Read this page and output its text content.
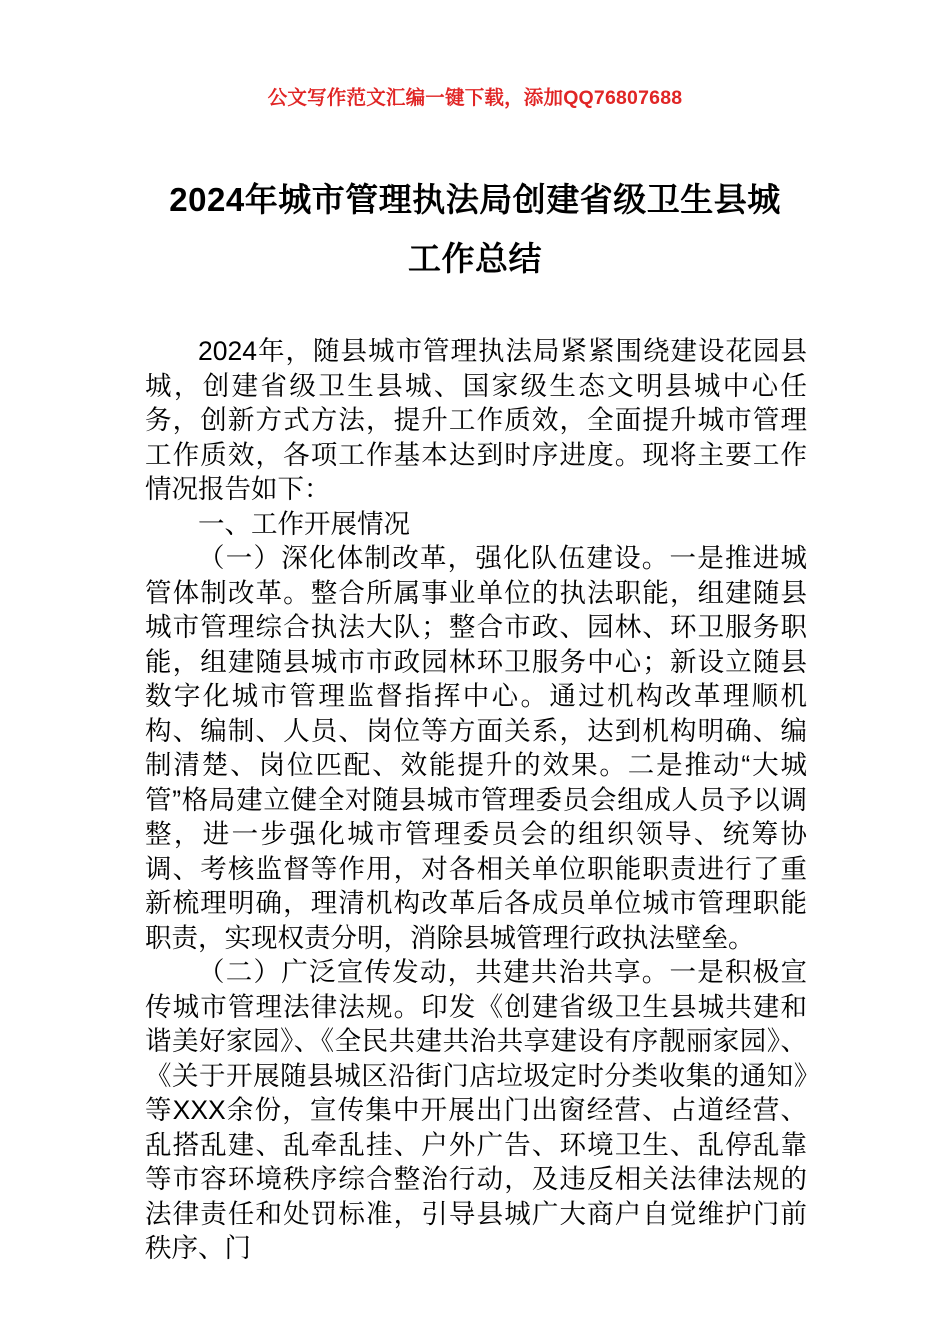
公文写作范文汇编一键下载，添加QQ76807688
2024年城市管理执法局创建省级卫生县城
工作总结

2024年，随县城市管理执法局紧紧围绕建设花园县城，创建省级卫生县城、国家级生态文明县城中心任务，创新方式方法，提升工作质效，全面提升城市管理工作质效，各项工作基本达到时序进度。现将主要工作情况报告如下：

一、工作开展情况

（一）深化体制改革，强化队伍建设。一是推进城管体制改革。整合所属事业单位的执法职能，组建随县城市管理综合执法大队；整合市政、园林、环卫服务职能，组建随县城市市政园林环卫服务中心；新设立随县数字化城市管理监督指挥中心。通过机构改革理顺机构、编制、人员、岗位等方面关系，达到机构明确、编制清楚、岗位匹配、效能提升的效果。二是推动“大城管”格局建立健全对随县城市管理委员会组成人员予以调整，进一步强化城市管理委员会的组织领导、统筹协调、考核监督等作用，对各相关单位职能职责进行了重新梳理明确，理清机构改革后各成员单位城市管理职能职责，实现权责分明，消除县城管理行政执法壁垒。

（二）广泛宣传发动，共建共治共享。一是积极宣传城市管理法律法规。印发《创建省级卫生县城共建和谐美好家园》、《全民共建共治共享建设有序靓丽家园》、《关于开展随县城区沿街门店垃圾定时分类收集的通知》等XXX余份，宣传集中开展出门出窗经营、占道经营、乱搭乱建、乱牵乱挂、户外广告、环境卫生、乱停乱靠等市容环境秩序综合整治行动，及违反相关法律法规的法律责任和处罚标准，引导县城广大商户自觉维护门前秩序、门
